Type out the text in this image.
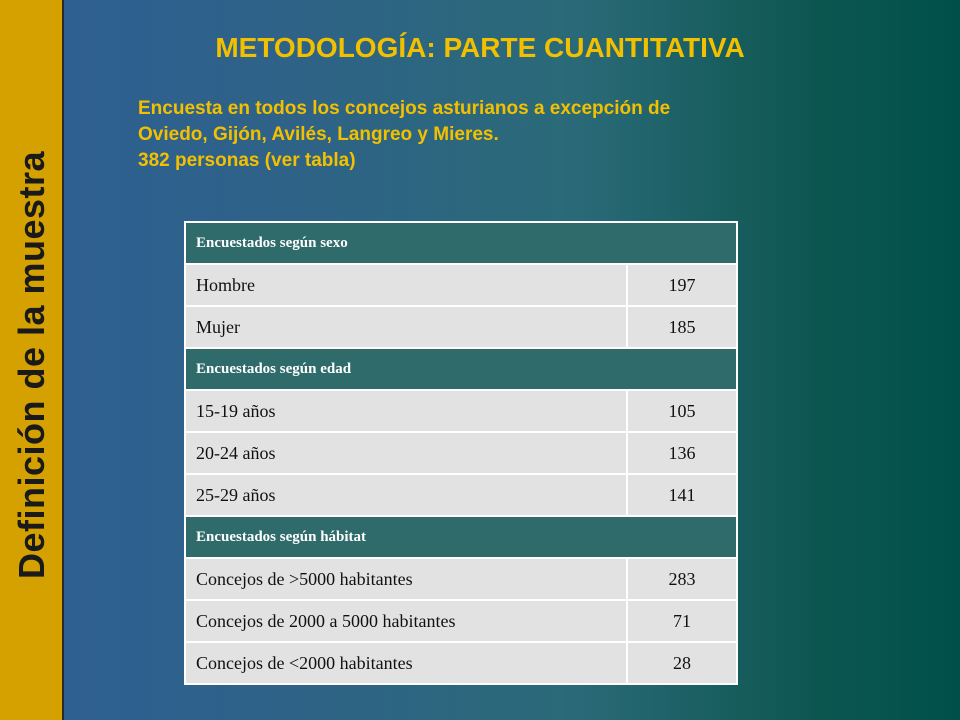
Definición de la muestra
METODOLOGÍA: PARTE CUANTITATIVA
Encuesta en todos los concejos asturianos a excepción de
Oviedo, Gijón, Avilés, Langreo y Mieres.
382 personas (ver tabla)
Encuestados según sexo	
Hombre	197
Mujer	185
Encuestados según edad	
15-19 años	105
20-24 años	136
25-29 años	141
Encuestados según hábitat	
Concejos de >5000 habitantes	283
Concejos de 2000 a 5000 habitantes	71
Concejos de <2000 habitantes	28
